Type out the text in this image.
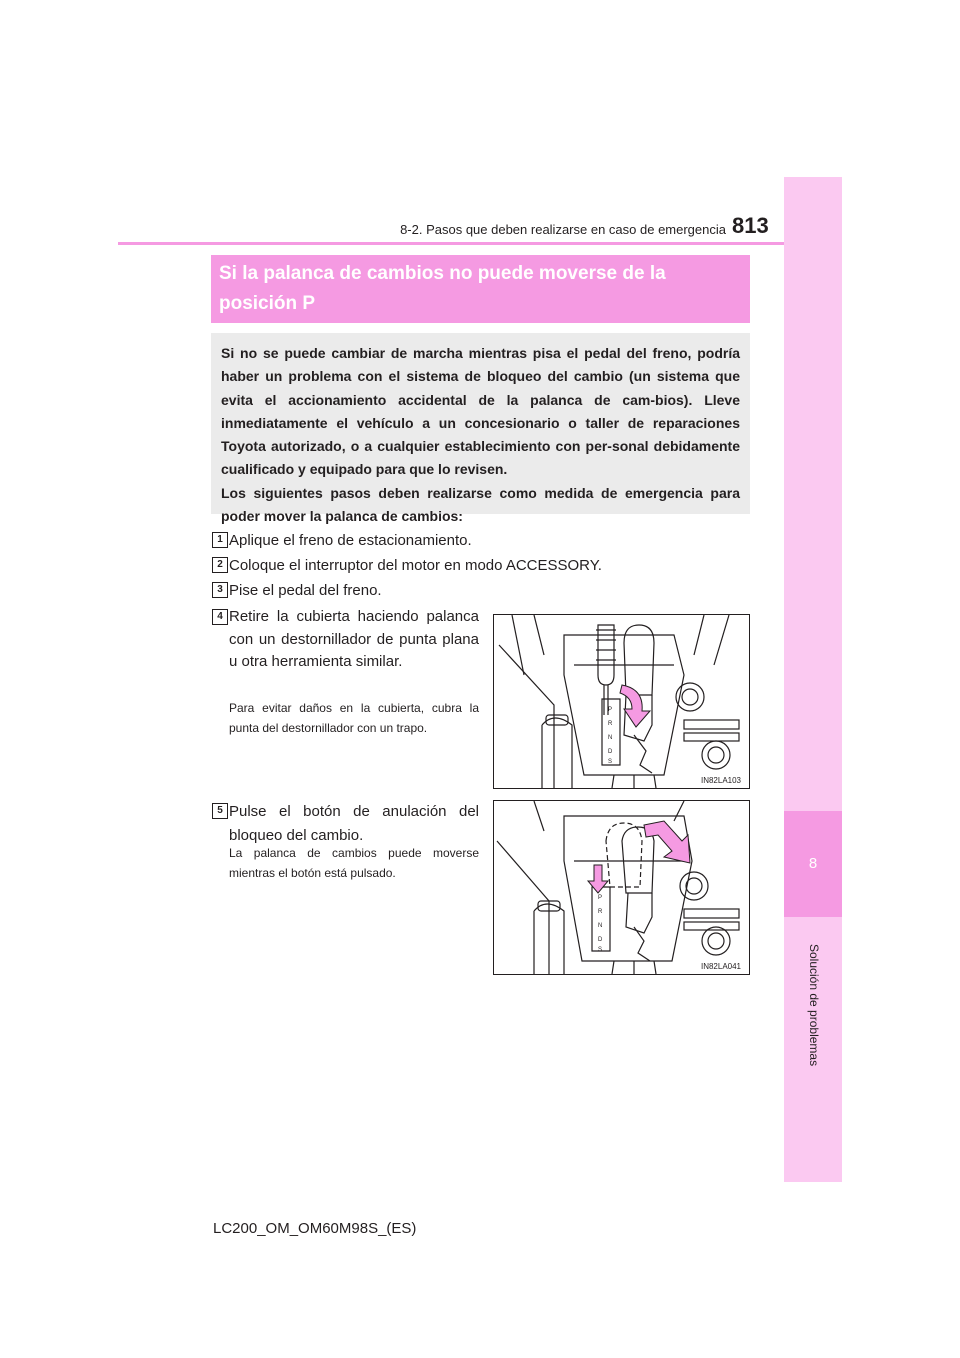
8
Solución de problemas
813
8-2. Pasos que deben realizarse en caso de emergencia
Si la palanca de cambios no puede moverse de la posición P

Si no se puede cambiar de marcha mientras pisa el pedal del freno, podría haber un problema con el sistema de bloqueo del cambio (un sistema que evita el accionamiento accidental de la palanca de cam-bios). Lleve inmediatamente el vehículo a un concesionario o taller de reparaciones Toyota autorizado, o a cualquier establecimiento con per-sonal debidamente cualificado y equipado para que lo revisen.

Los siguientes pasos deben realizarse como medida de emergencia para poder mover la palanca de cambios:

1 Aplique el freno de estacionamiento.
2 Coloque el interruptor del motor en modo ACCESSORY.
3 Pise el pedal del freno.
4 Retire la cubierta haciendo palanca con un destornillador de punta plana u otra herramienta similar.
Para evitar daños en la cubierta, cubra la punta del destornillador con un trapo.
P
R
N
D
S
IN82LA103
5 Pulse el botón de anulación del bloqueo del cambio.
La palanca de cambios puede moverse mientras el botón está pulsado.
P
R
N
D
S
IN82LA041
LC200_OM_OM60M98S_(ES)
